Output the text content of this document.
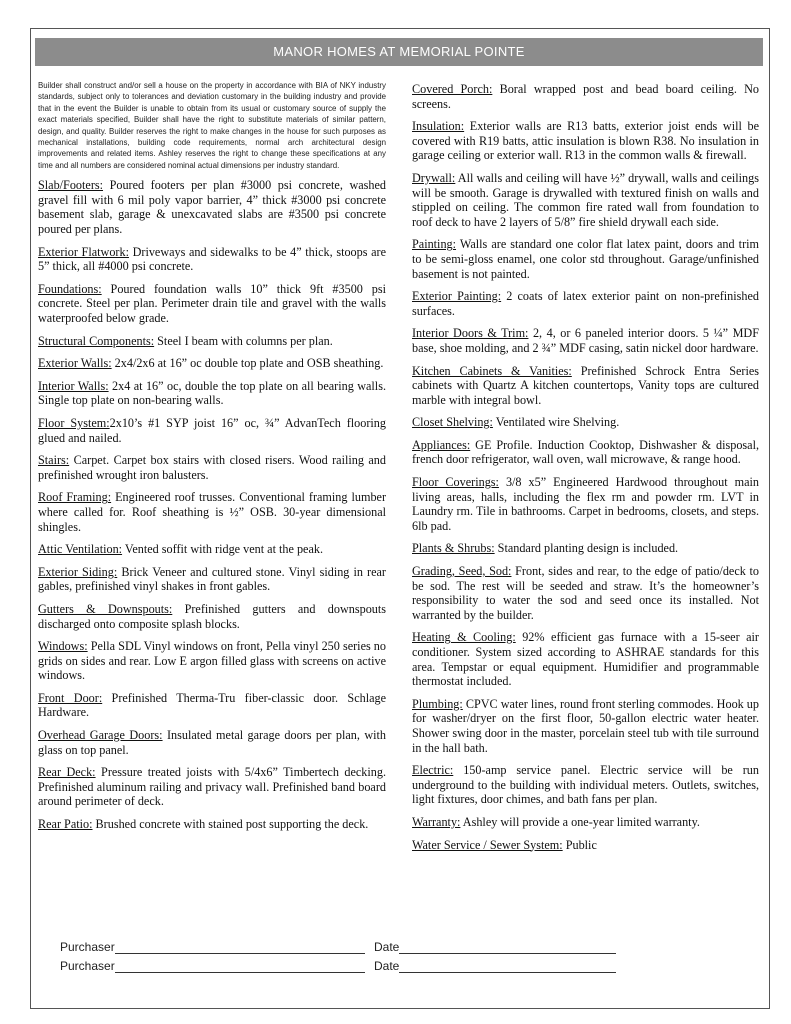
MANOR HOMES AT MEMORIAL POINTE

Builder shall construct and/or sell a house on the property in accordance with BIA of NKY industry standards, subject only to tolerances and deviation customary in the building industry and provide that in the event the Builder is unable to obtain from its usual or customary source of supply the exact materials specified, Builder shall have the right to substitute materials of similar pattern, design, and quality. Builder reserves the right to make changes in the house for such purposes as mechanical installations, building code requirements, normal arch architectural design improvements and related items. Ashley reserves the right to change these specifications at any time and all numbers are considered nominal actual dimensions per industry standard.

Slab/Footers: Poured footers per plan #3000 psi concrete, washed gravel fill with 6 mil poly vapor barrier, 4” thick #3000 psi concrete basement slab, garage & unexcavated slabs are #3500 psi concrete poured per plans.

Exterior Flatwork: Driveways and sidewalks to be 4” thick, stoops are 5” thick, all #4000 psi concrete.

Foundations: Poured foundation walls 10” thick 9ft #3500 psi concrete. Steel per plan. Perimeter drain tile and gravel with the walls waterproofed below grade.

Structural Components: Steel I beam with columns per plan.

Exterior Walls: 2x4/2x6 at 16” oc double top plate and OSB sheathing.

Interior Walls: 2x4 at 16” oc, double the top plate on all bearing walls. Single top plate on non-bearing walls.

Floor System:2x10’s #1 SYP joist 16” oc, ¾” AdvanTech flooring glued and nailed.

Stairs: Carpet. Carpet box stairs with closed risers. Wood railing and prefinished wrought iron balusters.

Roof Framing: Engineered roof trusses. Conventional framing lumber where called for. Roof sheathing is ½” OSB. 30-year dimensional shingles.

Attic Ventilation: Vented soffit with ridge vent at the peak.

Exterior Siding: Brick Veneer and cultured stone. Vinyl siding in rear gables, prefinished vinyl shakes in front gables.

Gutters & Downspouts: Prefinished gutters and downspouts discharged onto composite splash blocks.

Windows: Pella SDL Vinyl windows on front, Pella vinyl 250 series no grids on sides and rear. Low E argon filled glass with screens on active windows.

Front Door: Prefinished Therma-Tru fiber-classic door. Schlage Hardware.

Overhead Garage Doors: Insulated metal garage doors per plan, with glass on top panel.

Rear Deck: Pressure treated joists with 5/4x6” Timbertech decking. Prefinished aluminum railing and privacy wall. Prefinished band board around perimeter of deck.

Rear Patio: Brushed concrete with stained post supporting the deck.

Covered Porch: Boral wrapped post and bead board ceiling. No screens.

Insulation: Exterior walls are R13 batts, exterior joist ends will be covered with R19 batts, attic insulation is blown R38. No insulation in garage ceiling or exterior wall. R13 in the common walls & firewall.

Drywall: All walls and ceiling will have ½” drywall, walls and ceilings will be smooth. Garage is drywalled with textured finish on walls and stippled on ceiling. The common fire rated wall from foundation to roof deck to have 2 layers of 5/8” fire shield drywall each side.

Painting: Walls are standard one color flat latex paint, doors and trim to be semi-gloss enamel, one color std throughout. Garage/unfinished basement is not painted.

Exterior Painting: 2 coats of latex exterior paint on non-prefinished surfaces.

Interior Doors & Trim: 2, 4, or 6 paneled interior doors. 5 ¼” MDF base, shoe molding, and 2 ¾” MDF casing, satin nickel door hardware.

Kitchen Cabinets & Vanities: Prefinished Schrock Entra Series cabinets with Quartz A kitchen countertops, Vanity tops are cultured marble with integral bowl.

Closet Shelving: Ventilated wire Shelving.

Appliances: GE Profile. Induction Cooktop, Dishwasher & disposal, french door refrigerator, wall oven, wall microwave, & range hood.

Floor Coverings: 3/8 x5” Engineered Hardwood throughout main living areas, halls, including the flex rm and powder rm. LVT in Laundry rm. Tile in bathrooms. Carpet in bedrooms, closets, and steps. 6lb pad.

Plants & Shrubs: Standard planting design is included.

Grading, Seed, Sod: Front, sides and rear, to the edge of patio/deck to be sod. The rest will be seeded and straw. It’s the homeowner’s responsibility to water the sod and seed once its installed. Not warranted by the builder.

Heating & Cooling: 92% efficient gas furnace with a 15-seer air conditioner. System sized according to ASHRAE standards for this area. Tempstar or equal equipment. Humidifier and programmable thermostat included.

Plumbing: CPVC water lines, round front sterling commodes. Hook up for washer/dryer on the first floor, 50-gallon electric water heater. Shower swing door in the master, porcelain steel tub with tile surround in the hall bath.

Electric: 150-amp service panel. Electric service will be run underground to the building with individual meters. Outlets, switches, light fixtures, door chimes, and bath fans per plan.

Warranty: Ashley will provide a one-year limited warranty.

Water Service / Sewer System: Public

Purchaser	Date
Purchaser	Date
